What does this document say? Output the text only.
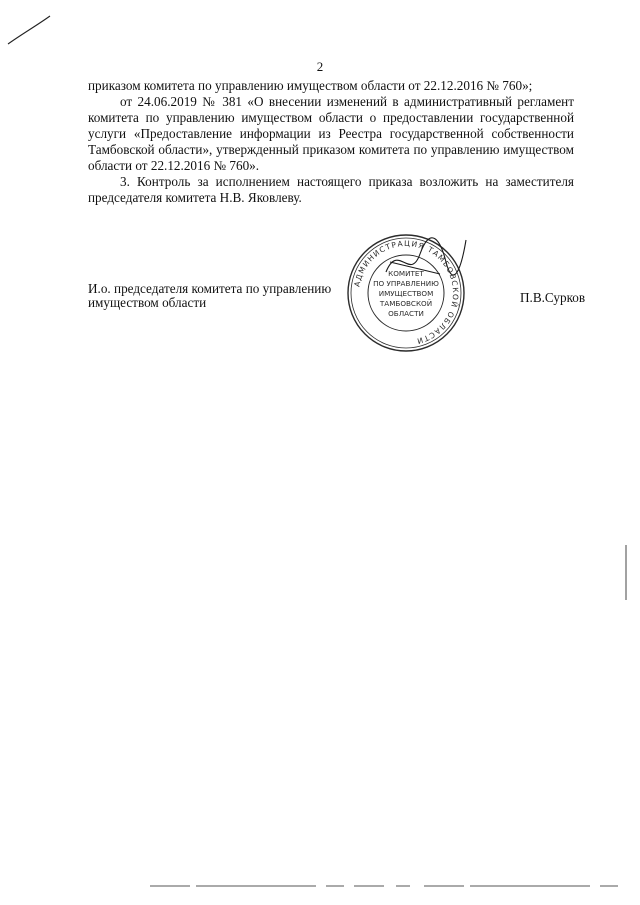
2

приказом комитета по управлению имуществом области от 22.12.2016 № 760»;

от 24.06.2019 № 381 «О внесении изменений в административный регламент комитета по управлению имуществом области о предоставлении государственной услуги «Предоставление информации из Реестра государственной собственности Тамбовской области», утвержденный приказом комитета по управлению имуществом области от 22.12.2016 № 760».

3. Контроль за исполнением настоящего приказа возложить на заместителя председателя комитета Н.В. Яковлеву.

И.о. председателя комитета по управлению
имуществом области	П.В.Сурков
АДМИНИСТРАЦИЯ ТАМБОВСКОЙ ОБЛАСТИ
КОМИТЕТ
ПО УПРАВЛЕНИЮ
ИМУЩЕСТВОМ
ТАМБОВСКОЙ
ОБЛАСТИ
